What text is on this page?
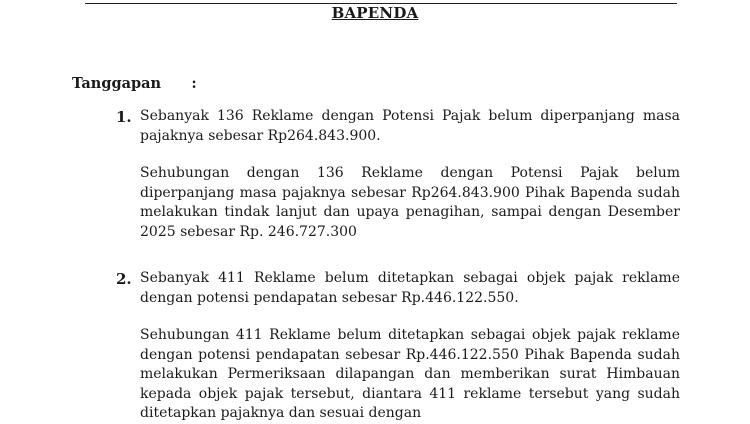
BAPENDA
Tanggapan :
1. Sebanyak 136 Reklame dengan Potensi Pajak belum diperpanjang masa pajaknya sebesar Rp264.843.900.

Sehubungan dengan 136 Reklame dengan Potensi Pajak belum diperpanjang masa pajaknya sebesar Rp264.843.900 Pihak Bapenda sudah melakukan tindak lanjut dan upaya penagihan, sampai dengan Desember 2025 sebesar Rp. 246.727.300

2. Sebanyak 411 Reklame belum ditetapkan sebagai objek pajak reklame dengan potensi pendapatan sebesar Rp.446.122.550.

Sehubungan 411 Reklame belum ditetapkan sebagai objek pajak reklame dengan potensi pendapatan sebesar Rp.446.122.550 Pihak Bapenda sudah melakukan Permeriksaan dilapangan dan memberikan surat Himbauan kepada objek pajak tersebut, diantara 411 reklame tersebut yang sudah ditetapkan pajaknya dan sesuai dengan
